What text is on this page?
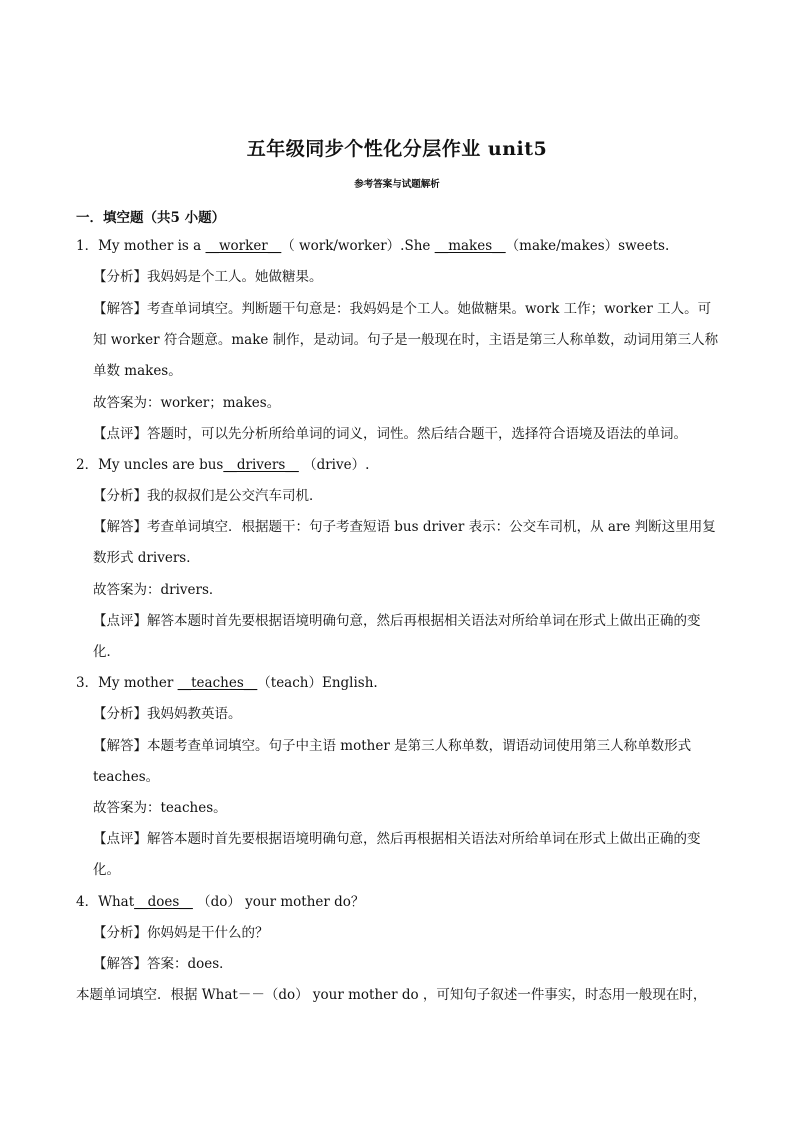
五年级同步个性化分层作业 unit5
参考答案与试题解析
一．填空题（共5 小题）
1．My mother is a __worker__（ work/worker）.She __makes__（make/makes）sweets.
【分析】我妈妈是个工人。她做糖果。
【解答】考查单词填空。判断题干句意是：我妈妈是个工人。她做糖果。work 工作；worker 工人。可
知 worker 符合题意。make 制作，是动词。句子是一般现在时，主语是第三人称单数，动词用第三人称
单数 makes。
故答案为：worker；makes。
【点评】答题时，可以先分析所给单词的词义，词性。然后结合题干，选择符合语境及语法的单词。
2．My uncles are bus__drivers__ （drive）.
【分析】我的叔叔们是公交汽车司机．
【解答】考查单词填空．根据题干：句子考查短语 bus driver 表示：公交车司机，从 are 判断这里用复
数形式 drivers．
故答案为：drivers．
【点评】解答本题时首先要根据语境明确句意，然后再根据相关语法对所给单词在形式上做出正确的变
化．
3．My mother __teaches__（teach）English.
【分析】我妈妈教英语。
【解答】本题考查单词填空。句子中主语 mother 是第三人称单数，谓语动词使用第三人称单数形式
teaches。
故答案为：teaches。
【点评】解答本题时首先要根据语境明确句意，然后再根据相关语法对所给单词在形式上做出正确的变
化。
4．What__does__ （do） your mother do？
【分析】你妈妈是干什么的？
【解答】答案：does．
本题单词填空．根据 What－－（do） your mother do ，可知句子叙述一件事实，时态用一般现在时，
